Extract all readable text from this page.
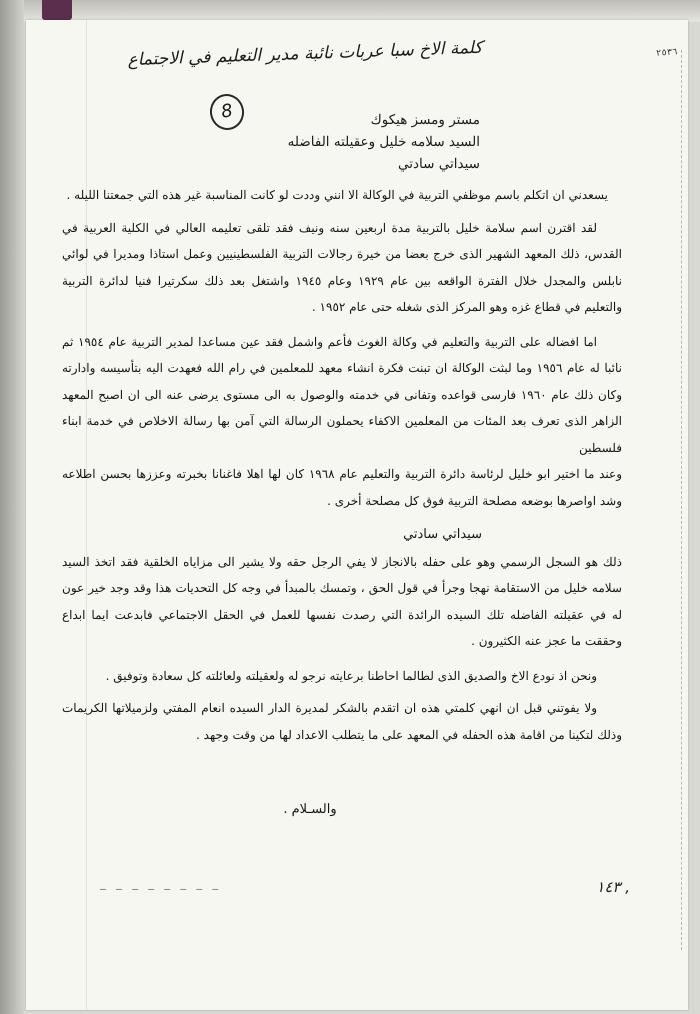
٢٥٣٦
كلمة الاخ سبا عربات نائبة مدير التعليم في الاجتماع
8	مستر ومسز هيكوك
السيد سلامه خليل وعقيلته الفاضله
سيداتي سادتي

يسعدني ان اتكلم باسم موظفي التربية في الوكالة الا انني وددت لو كانت المناسبة غير هذه التي جمعتنا الليله .

لقد اقترن اسم سلامة خليل بالتربية مدة اربعين سنه ونيف فقد تلقى تعليمه العالي في الكلية العربية في القدس، ذلك المعهد الشهير الذى خرج بعضا من خيرة رجالات التربية الفلسطينيين وعمل استاذا ومديرا في لوائي نابلس والمجدل خلال الفترة الواقعه بين عام ١٩٢٩ وعام ١٩٤٥ واشتغل بعد ذلك سكرتيرا فنيا لدائرة التربية والتعليم في قطاع غزه وهو المركز الذى شغله حتى عام ١٩٥٢ .

اما افضاله على التربية والتعليم في وكالة الغوث فأعم واشمل فقد عين مساعدا لمدير التربية عام ١٩٥٤ ثم نائبا له عام ١٩٥٦ وما لبثت الوكالة ان تبنت فكرة انشاء معهد للمعلمين في رام الله فعهدت اليه بتأسيسه وادارته وكان ذلك عام ١٩٦٠ فارسى قواعده وتفانى في خدمته والوصول به الى مستوى يرضى عنه الى ان اصبح المعهد الزاهر الذى تعرف بعد المئات من المعلمين الاكفاء يحملون الرسالة التي آمن بها رسالة الاخلاص في خدمة ابناء فلسطين

وعند ما اختير ابو خليل لرئاسة دائرة التربية والتعليم عام ١٩٦٨ كان لها اهلا فاغنانا بخبرته وعززها بحسن اطلاعه وشد اواصرها بوضعه مصلحة التربية فوق كل مصلحة أخرى .

سيداتي سادتي

ذلك هو السجل الرسمي وهو على حفله بالانجاز لا يفي الرجل حقه ولا يشير الى مزاياه الخلقية فقد اتخذ السيد سلامه خليل من الاستقامة نهجا وجرأ في قول الحق ، وتمسك بالمبدأ في وجه كل التحديات هذا وقد وجد خير عون له في عقيلته الفاضله تلك السيده الرائدة التي رصدت نفسها للعمل في الحقل الاجتماعي فابدعت ايما ابداع وحققت ما عجز عنه الكثيرون .

ونحن اذ نودع الاخ والصديق الذى لطالما احاطنا برعايته نرجو له ولعقيلته ولعائلته كل سعادة وتوفيق .

ولا يفوتني قبل ان انهي كلمتي هذه ان اتقدم بالشكر لمديرة الدار السيده انعام المفتي ولزميلاتها الكريمات وذلك لتكينا من اقامة هذه الحفله في المعهد على ما يتطلب الاعداد لها من وقت وجهد .

والسـلام .
— — — — — — — —	١٤٣ ,
